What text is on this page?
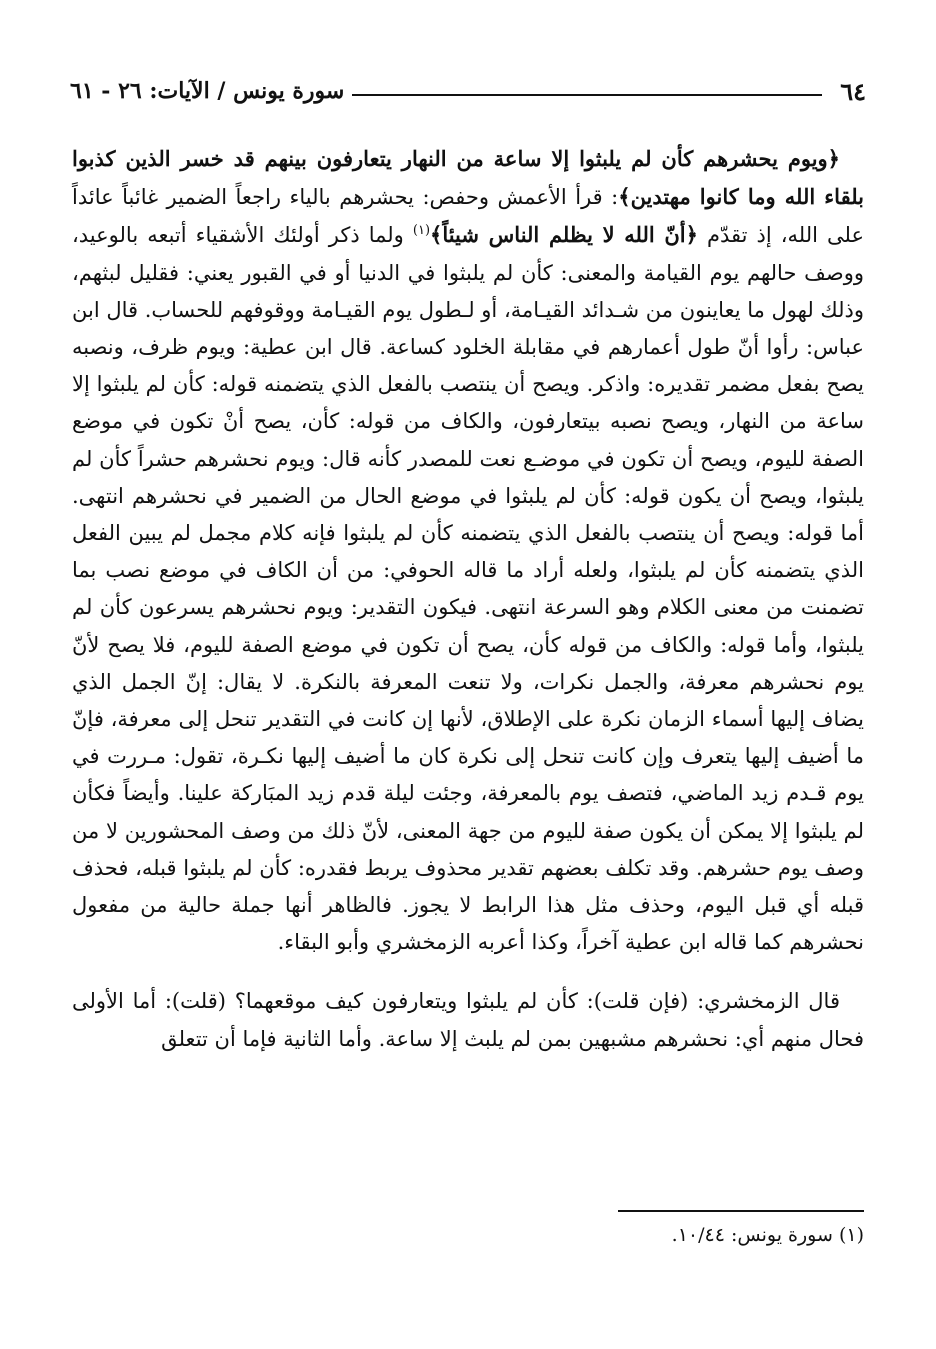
٦٤
سورة يونس / الآيات: ٢٦ - ٦١

﴿ويوم يحشرهم كأن لم يلبثوا إلا ساعة من النهار يتعارفون بينهم قد خسر الذين كذبوا بلقاء الله وما كانوا مهتدين﴾: قرأ الأعمش وحفص: يحشرهم بالياء راجعاً الضمير غائباً عائداً على الله، إذ تقدّم ﴿أنّ الله لا يظلم الناس شيئاً﴾$^{(١)}$ ولما ذكر أولئك الأشقياء أتبعه بالوعيد، ووصف حالهم يوم القيامة والمعنى: كأن لم يلبثوا في الدنيا أو في القبور يعني: فقليل لبثهم، وذلك لهول ما يعاينون من شـدائد القيـامة، أو لـطول يوم القيـامة ووقوفهم للحساب. قال ابن عباس: رأوا أنّ طول أعمارهم في مقابلة الخلود كساعة. قال ابن عطية: ويوم ظرف، ونصبه يصح بفعل مضمر تقديره: واذكر. ويصح أن ينتصب بالفعل الذي يتضمنه قوله: كأن لم يلبثوا إلا ساعة من النهار، ويصح نصبه بيتعارفون، والكاف من قوله: كأن، يصح أنْ تكون في موضع الصفة لليوم، ويصح أن تكون في موضـع نعت للمصدر كأنه قال: ويوم نحشرهم حشراً كأن لم يلبثوا، ويصح أن يكون قوله: كأن لم يلبثوا في موضع الحال من الضمير في نحشرهم انتهى. أما قوله: ويصح أن ينتصب بالفعل الذي يتضمنه كأن لم يلبثوا فإنه كلام مجمل لم يبين الفعل الذي يتضمنه كأن لم يلبثوا، ولعله أراد ما قاله الحوفي: من أن الكاف في موضع نصب بما تضمنت من معنى الكلام وهو السرعة انتهى. فيكون التقدير: ويوم نحشرهم يسرعون كأن لم يلبثوا، وأما قوله: والكاف من قوله كأن، يصح أن تكون في موضع الصفة لليوم، فلا يصح لأنّ يوم نحشرهم معرفة، والجمل نكرات، ولا تنعت المعرفة بالنكرة. لا يقال: إنّ الجمل الذي يضاف إليها أسماء الزمان نكرة على الإطلاق، لأنها إن كانت في التقدير تنحل إلى معرفة، فإنّ ما أضيف إليها يتعرف وإن كانت تنحل إلى نكرة كان ما أضيف إليها نكـرة، تقول: مـررت في يوم قـدم زيد الماضي، فتصف يوم بالمعرفة، وجئت ليلة قدم زيد المبَاركة علينا. وأيضاً فكأن لم يلبثوا إلا يمكن أن يكون صفة لليوم من جهة المعنى، لأنّ ذلك من وصف المحشورين لا من وصف يوم حشرهم. وقد تكلف بعضهم تقدير محذوف يربط فقدره: كأن لم يلبثوا قبله، فحذف قبله أي قبل اليوم، وحذف مثل هذا الرابط لا يجوز. فالظاهر أنها جملة حالية من مفعول نحشرهم كما قاله ابن عطية آخراً، وكذا أعربه الزمخشري وأبو البقاء.

قال الزمخشري: (فإن قلت): كأن لم يلبثوا ويتعارفون كيف موقعهما؟ (قلت): أما الأولى فحال منهم أي: نحشرهم مشبهين بمن لم يلبث إلا ساعة. وأما الثانية فإما أن تتعلق

(١) سورة يونس: ١٠/٤٤.
